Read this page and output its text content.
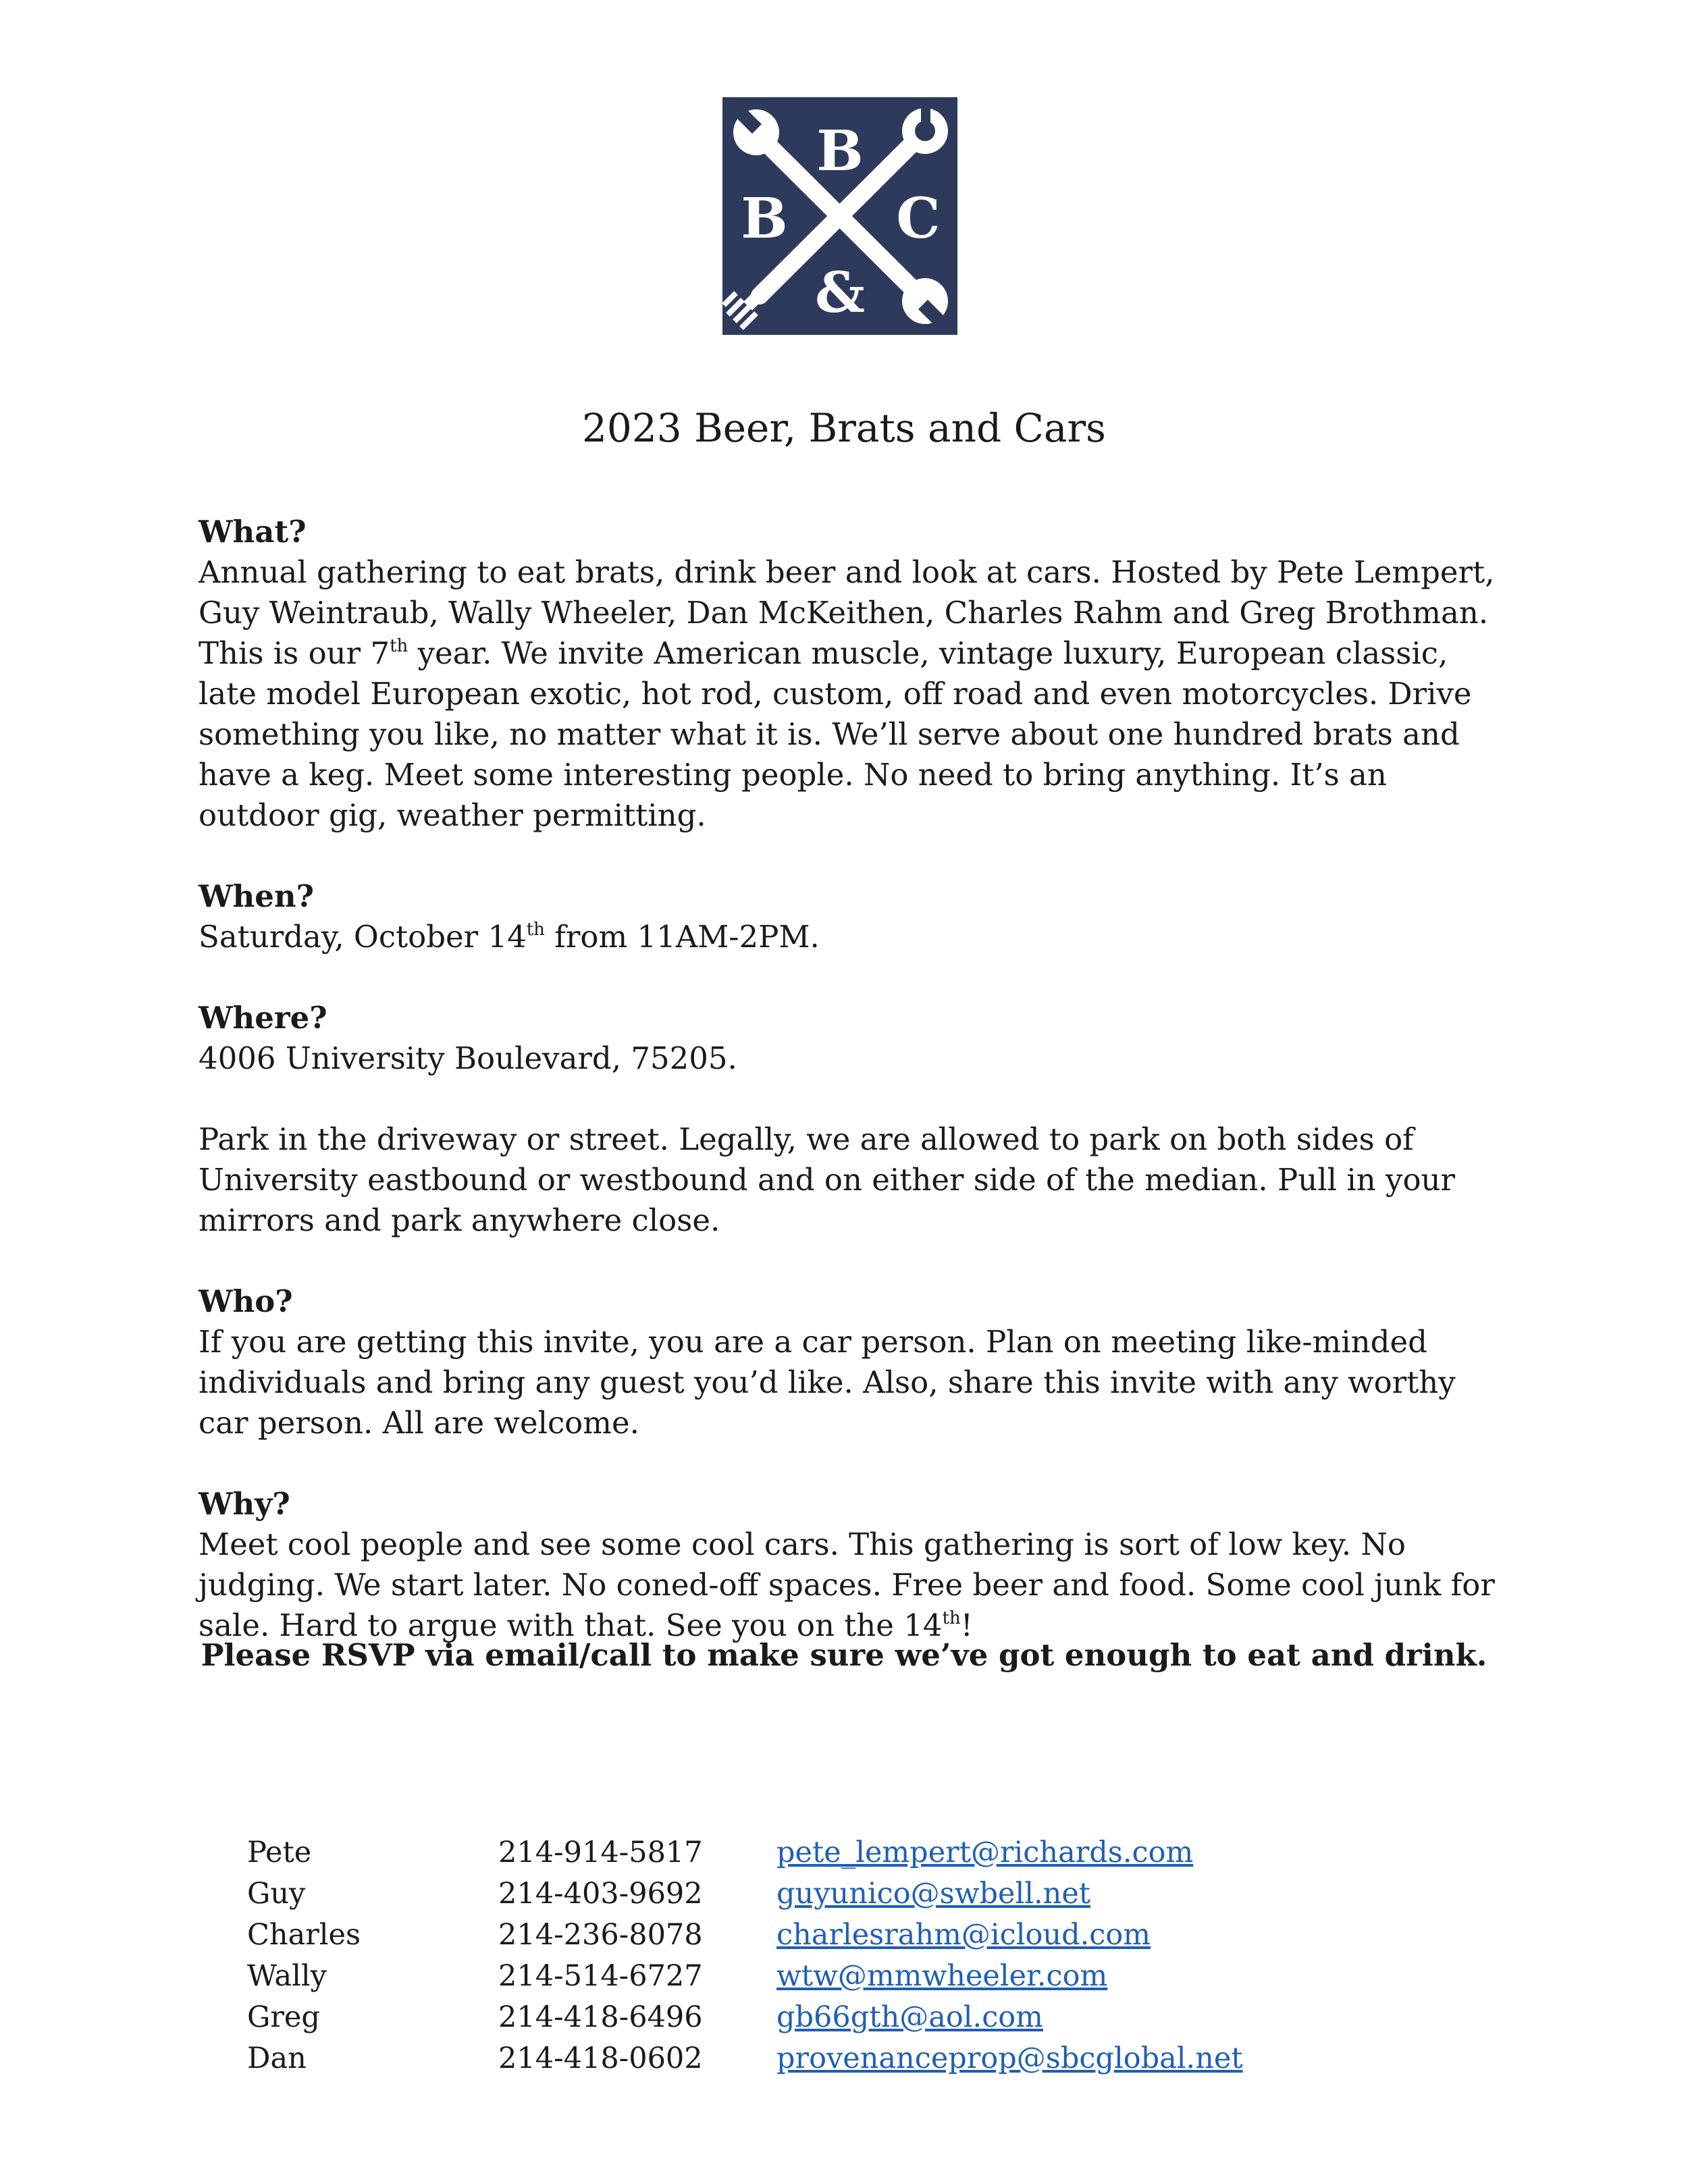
B
B C
&
2023 Beer, Brats and Cars
What?
Annual gathering to eat brats, drink beer and look at cars. Hosted by Pete Lempert, Guy Weintraub, Wally Wheeler, Dan McKeithen, Charles Rahm and Greg Brothman. This is our 7th year. We invite American muscle, vintage luxury, European classic, late model European exotic, hot rod, custom, off road and even motorcycles. Drive something you like, no matter what it is. We’ll serve about one hundred brats and have a keg. Meet some interesting people. No need to bring anything. It’s an outdoor gig, weather permitting.
When?
Saturday, October 14th from 11AM-2PM.
Where?
4006 University Boulevard, 75205.
Park in the driveway or street. Legally, we are allowed to park on both sides of University eastbound or westbound and on either side of the median. Pull in your mirrors and park anywhere close.
Who?
If you are getting this invite, you are a car person. Plan on meeting like-minded individuals and bring any guest you’d like. Also, share this invite with any worthy car person. All are welcome.
Why?
Meet cool people and see some cool cars. This gathering is sort of low key. No judging. We start later. No coned-off spaces. Free beer and food. Some cool junk for sale. Hard to argue with that. See you on the 14th!
Please RSVP via email/call to make sure we’ve got enough to eat and drink.
Pete	214-914-5817	pete_lempert@richards.com
Guy	214-403-9692	guyunico@swbell.net
Charles	214-236-8078	charlesrahm@icloud.com
Wally	214-514-6727	wtw@mmwheeler.com
Greg	214-418-6496	gb66gth@aol.com
Dan	214-418-0602	provenanceprop@sbcglobal.net
